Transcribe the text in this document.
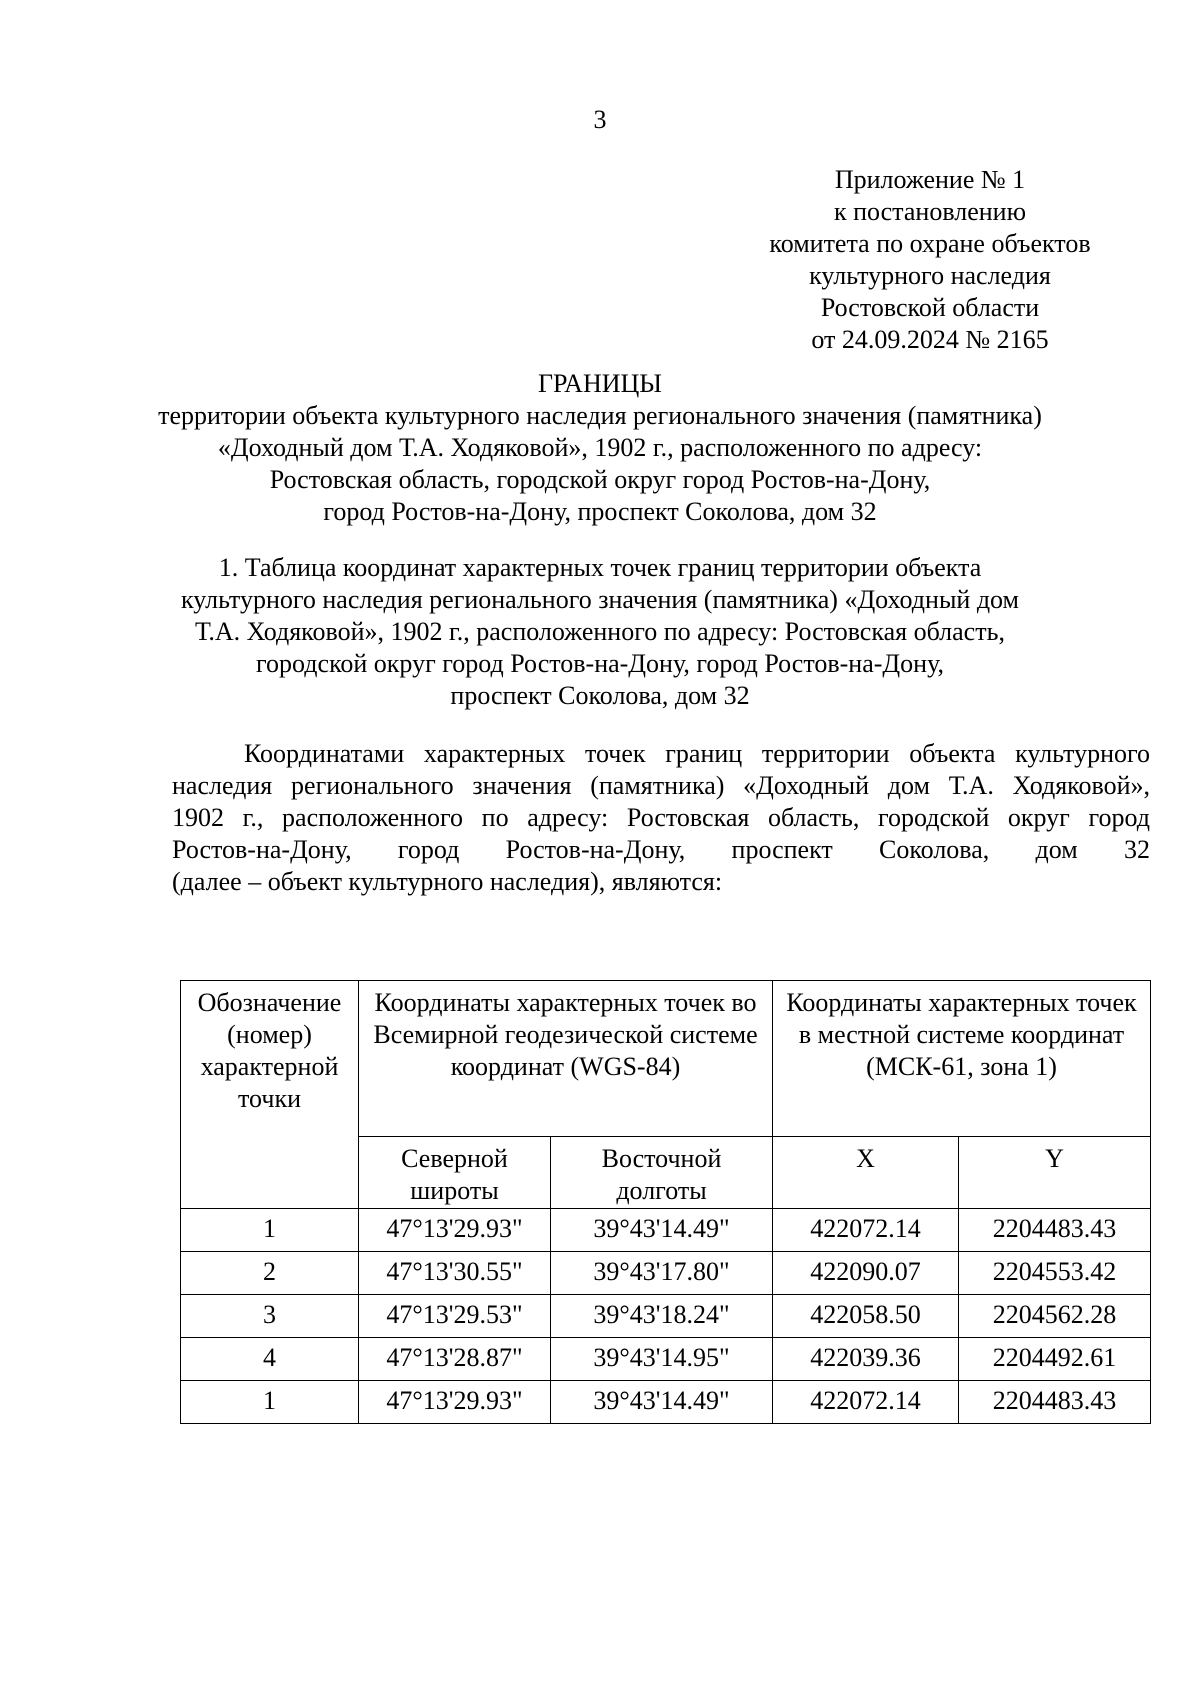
3
Приложение № 1
к постановлению
комитета по охране объектов
культурного наследия
Ростовской области
от 24.09.2024 № 2165
ГРАНИЦЫ
территории объекта культурного наследия регионального значения (памятника)
«Доходный дом Т.А. Ходяковой», 1902 г., расположенного по адресу:
Ростовская область, городской округ город Ростов-на-Дону,
город Ростов-на-Дону, проспект Соколова, дом 32
1. Таблица координат характерных точек границ территории объекта
культурного наследия регионального значения (памятника) «Доходный дом
Т.А. Ходяковой», 1902 г., расположенного по адресу: Ростовская область,
городской округ город Ростов-на-Дону, город Ростов-на-Дону,
проспект Соколова, дом 32
Координатами характерных точек границ территории объекта культурного
наследия регионального значения (памятника) «Доходный дом Т.А. Ходяковой»,
1902 г., расположенного по адресу: Ростовская область, городской округ город
Ростов-на-Дону, город Ростов-на-Дону, проспект Соколова, дом 32
(далее – объект культурного наследия), являются:
Обозначение (номер) характерной точки	Координаты характерных точек во Всемирной геодезической системе координат (WGS-84)		Координаты характерных точек в местной системе координат (МСК-61, зона 1)	
	Северной широты	Восточной долготы	X	Y
1	47°13'29.93"	39°43'14.49"	422072.14	2204483.43
2	47°13'30.55"	39°43'17.80"	422090.07	2204553.42
3	47°13'29.53"	39°43'18.24"	422058.50	2204562.28
4	47°13'28.87"	39°43'14.95"	422039.36	2204492.61
1	47°13'29.93"	39°43'14.49"	422072.14	2204483.43
